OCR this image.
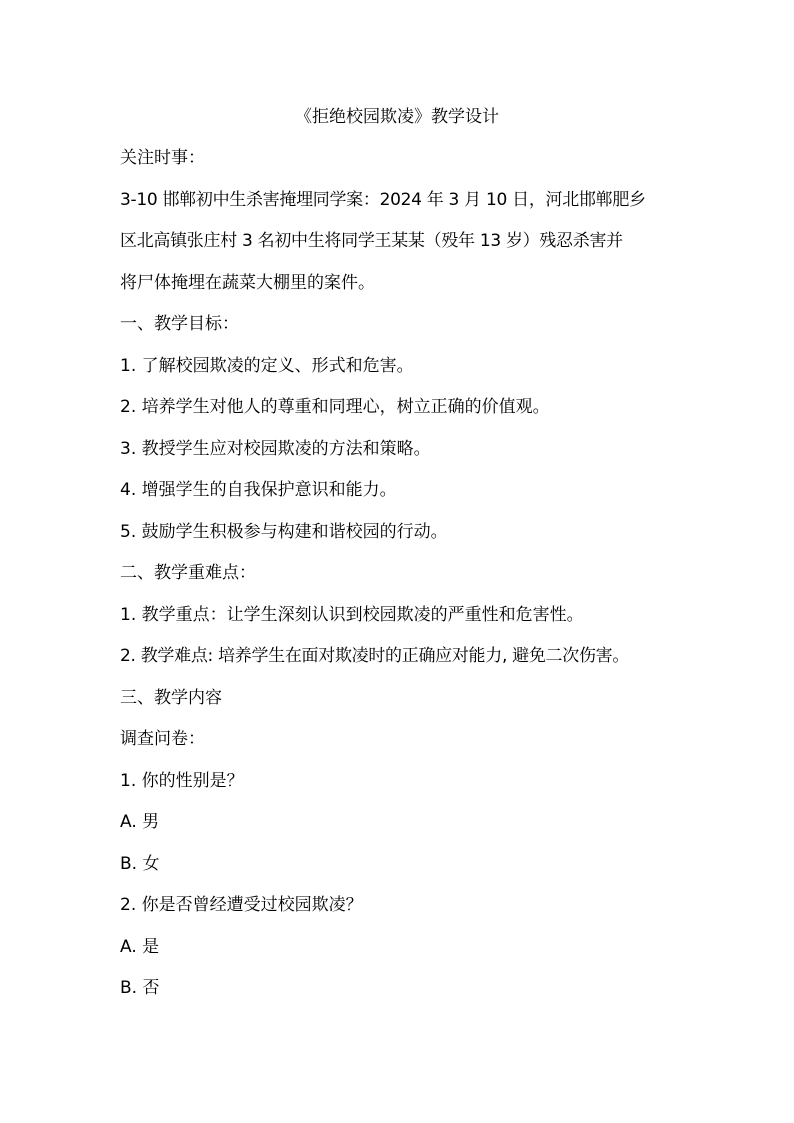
《拒绝校园欺凌》教学设计
关注时事：
3-10 邯郸初中生杀害掩埋同学案：2024 年 3 月 10 日，河北邯郸肥乡
区北高镇张庄村 3 名初中生将同学王某某（殁年 13 岁）残忍杀害并
将尸体掩埋在蔬菜大棚里的案件。
一、教学目标：
1. 了解校园欺凌的定义、形式和危害。
2. 培养学生对他人的尊重和同理心，树立正确的价值观。
3. 教授学生应对校园欺凌的方法和策略。
4. 增强学生的自我保护意识和能力。
5. 鼓励学生积极参与构建和谐校园的行动。
二、教学重难点：
1. 教学重点：让学生深刻认识到校园欺凌的严重性和危害性。
2. 教学难点: 培养学生在面对欺凌时的正确应对能力, 避免二次伤害。
三、教学内容
调查问卷：
1. 你的性别是？
A. 男
B. 女
2. 你是否曾经遭受过校园欺凌？
A. 是
B. 否
